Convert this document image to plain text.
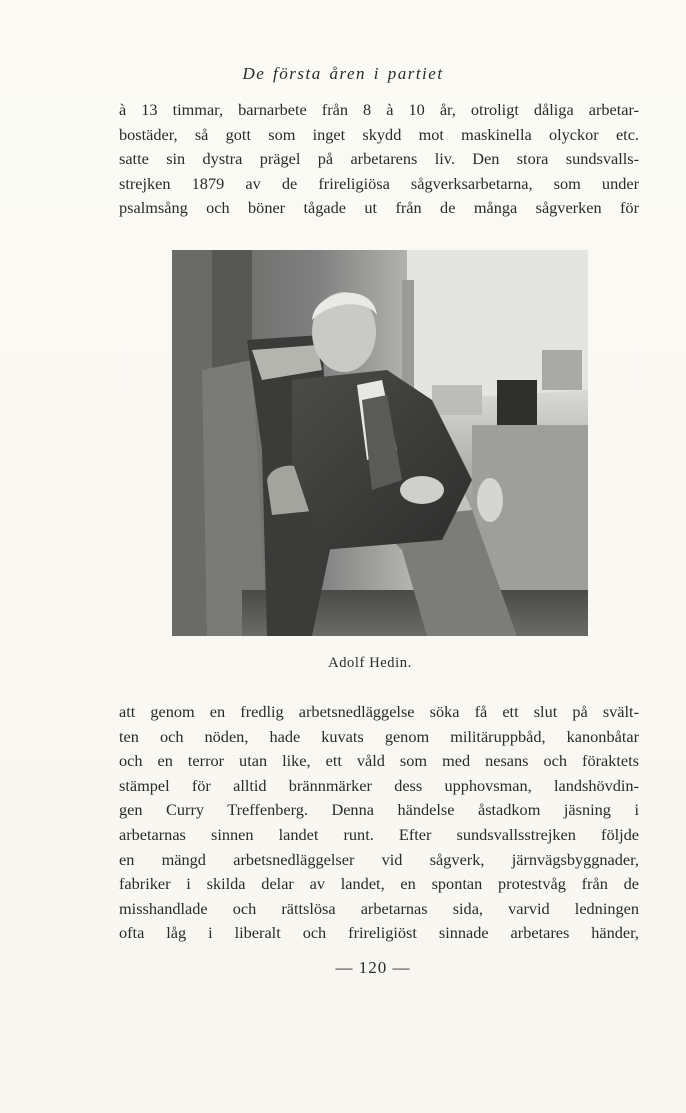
De första åren i partiet
à 13 timmar, barnarbete från 8 à 10 år, otroligt dåliga arbetar-
bostäder, så gott som inget skydd mot maskinella olyckor etc.
satte sin dystra prägel på arbetarens liv. Den stora sundsvalls-
strejken 1879 av de frireligiösa sågverksarbetarna, som under
psalmsång och böner tågade ut från de många sågverken för
Adolf Hedin.
att genom en fredlig arbetsnedläggelse söka få ett slut på svält-
ten och nöden, hade kuvats genom militäruppbåd, kanonbåtar
och en terror utan like, ett våld som med nesans och föraktets
stämpel för alltid brännmärker dess upphovsman, landshövdin-
gen Curry Treffenberg. Denna händelse åstadkom jäsning i
arbetarnas sinnen landet runt. Efter sundsvallsstrejken följde
en mängd arbetsnedläggelser vid sågverk, järnvägsbyggnader,
fabriker i skilda delar av landet, en spontan protestvåg från de
misshandlade och rättslösa arbetarnas sida, varvid ledningen
ofta låg i liberalt och frireligiöst sinnade arbetares händer,
— 120 —
